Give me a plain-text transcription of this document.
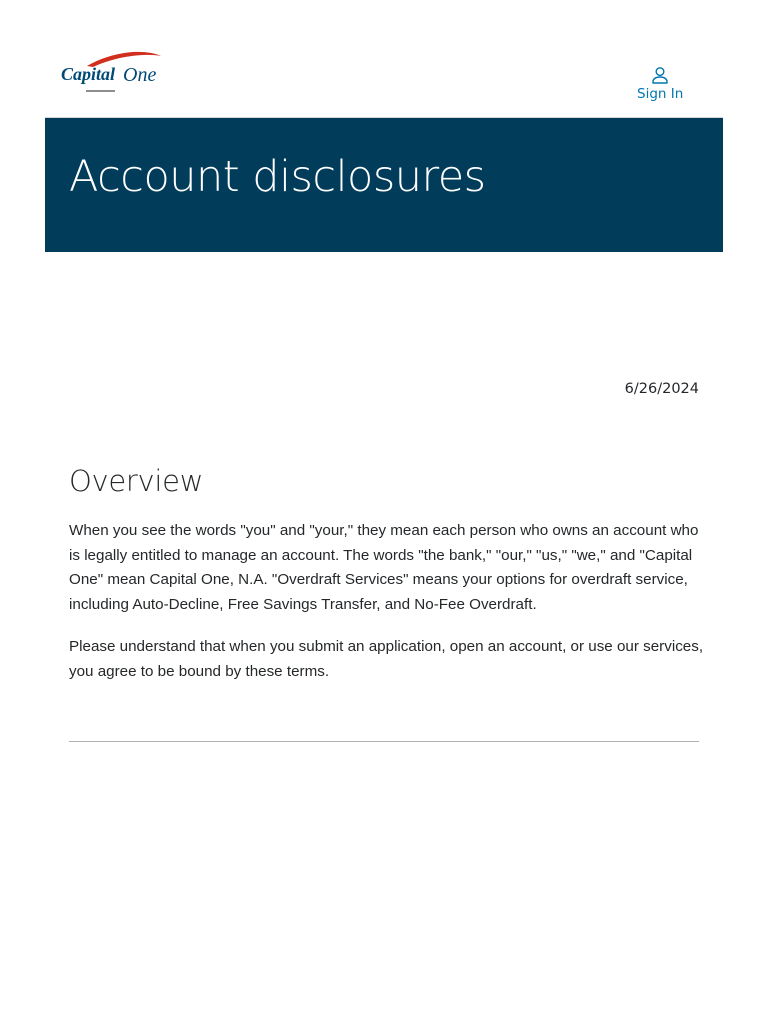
Capital One
Sign In
Account disclosures
6/26/2024
Overview

When you see the words "you" and "your," they mean each person who owns an account who is legally entitled to manage an account. The words "the bank," "our," "us," "we," and "Capital One" mean Capital One, N.A. "Overdraft Services" means your options for overdraft service, including Auto-Decline, Free Savings Transfer, and No-Fee Overdraft.

Please understand that when you submit an application, open an account, or use our services, you agree to be bound by these terms.
